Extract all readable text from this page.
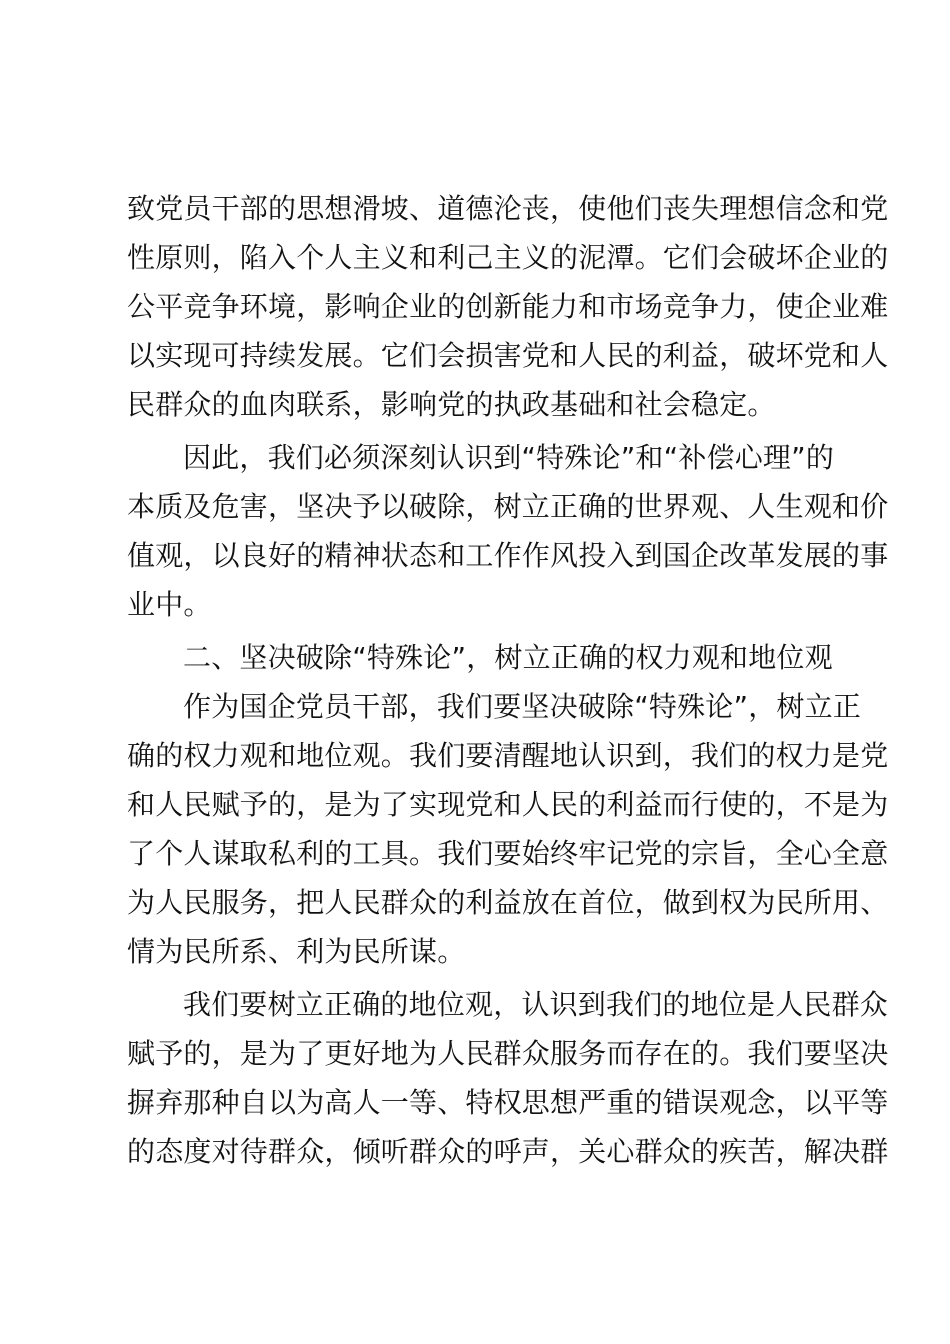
致党员干部的思想滑坡、道德沦丧，使他们丧失理想信念和党
性原则，陷入个人主义和利己主义的泥潭。它们会破坏企业的
公平竞争环境，影响企业的创新能力和市场竞争力，使企业难
以实现可持续发展。它们会损害党和人民的利益，破坏党和人
民群众的血肉联系，影响党的执政基础和社会稳定。

因此，我们必须深刻认识到“特殊论”和“补偿心理”的
本质及危害，坚决予以破除，树立正确的世界观、人生观和价
值观，以良好的精神状态和工作作风投入到国企改革发展的事
业中。

二、坚决破除“特殊论”，树立正确的权力观和地位观

作为国企党员干部，我们要坚决破除“特殊论”，树立正
确的权力观和地位观。我们要清醒地认识到，我们的权力是党
和人民赋予的，是为了实现党和人民的利益而行使的，不是为
了个人谋取私利的工具。我们要始终牢记党的宗旨，全心全意
为人民服务，把人民群众的利益放在首位，做到权为民所用、
情为民所系、利为民所谋。

我们要树立正确的地位观，认识到我们的地位是人民群众
赋予的，是为了更好地为人民群众服务而存在的。我们要坚决
摒弃那种自以为高人一等、特权思想严重的错误观念，以平等
的态度对待群众，倾听群众的呼声，关心群众的疾苦，解决群
